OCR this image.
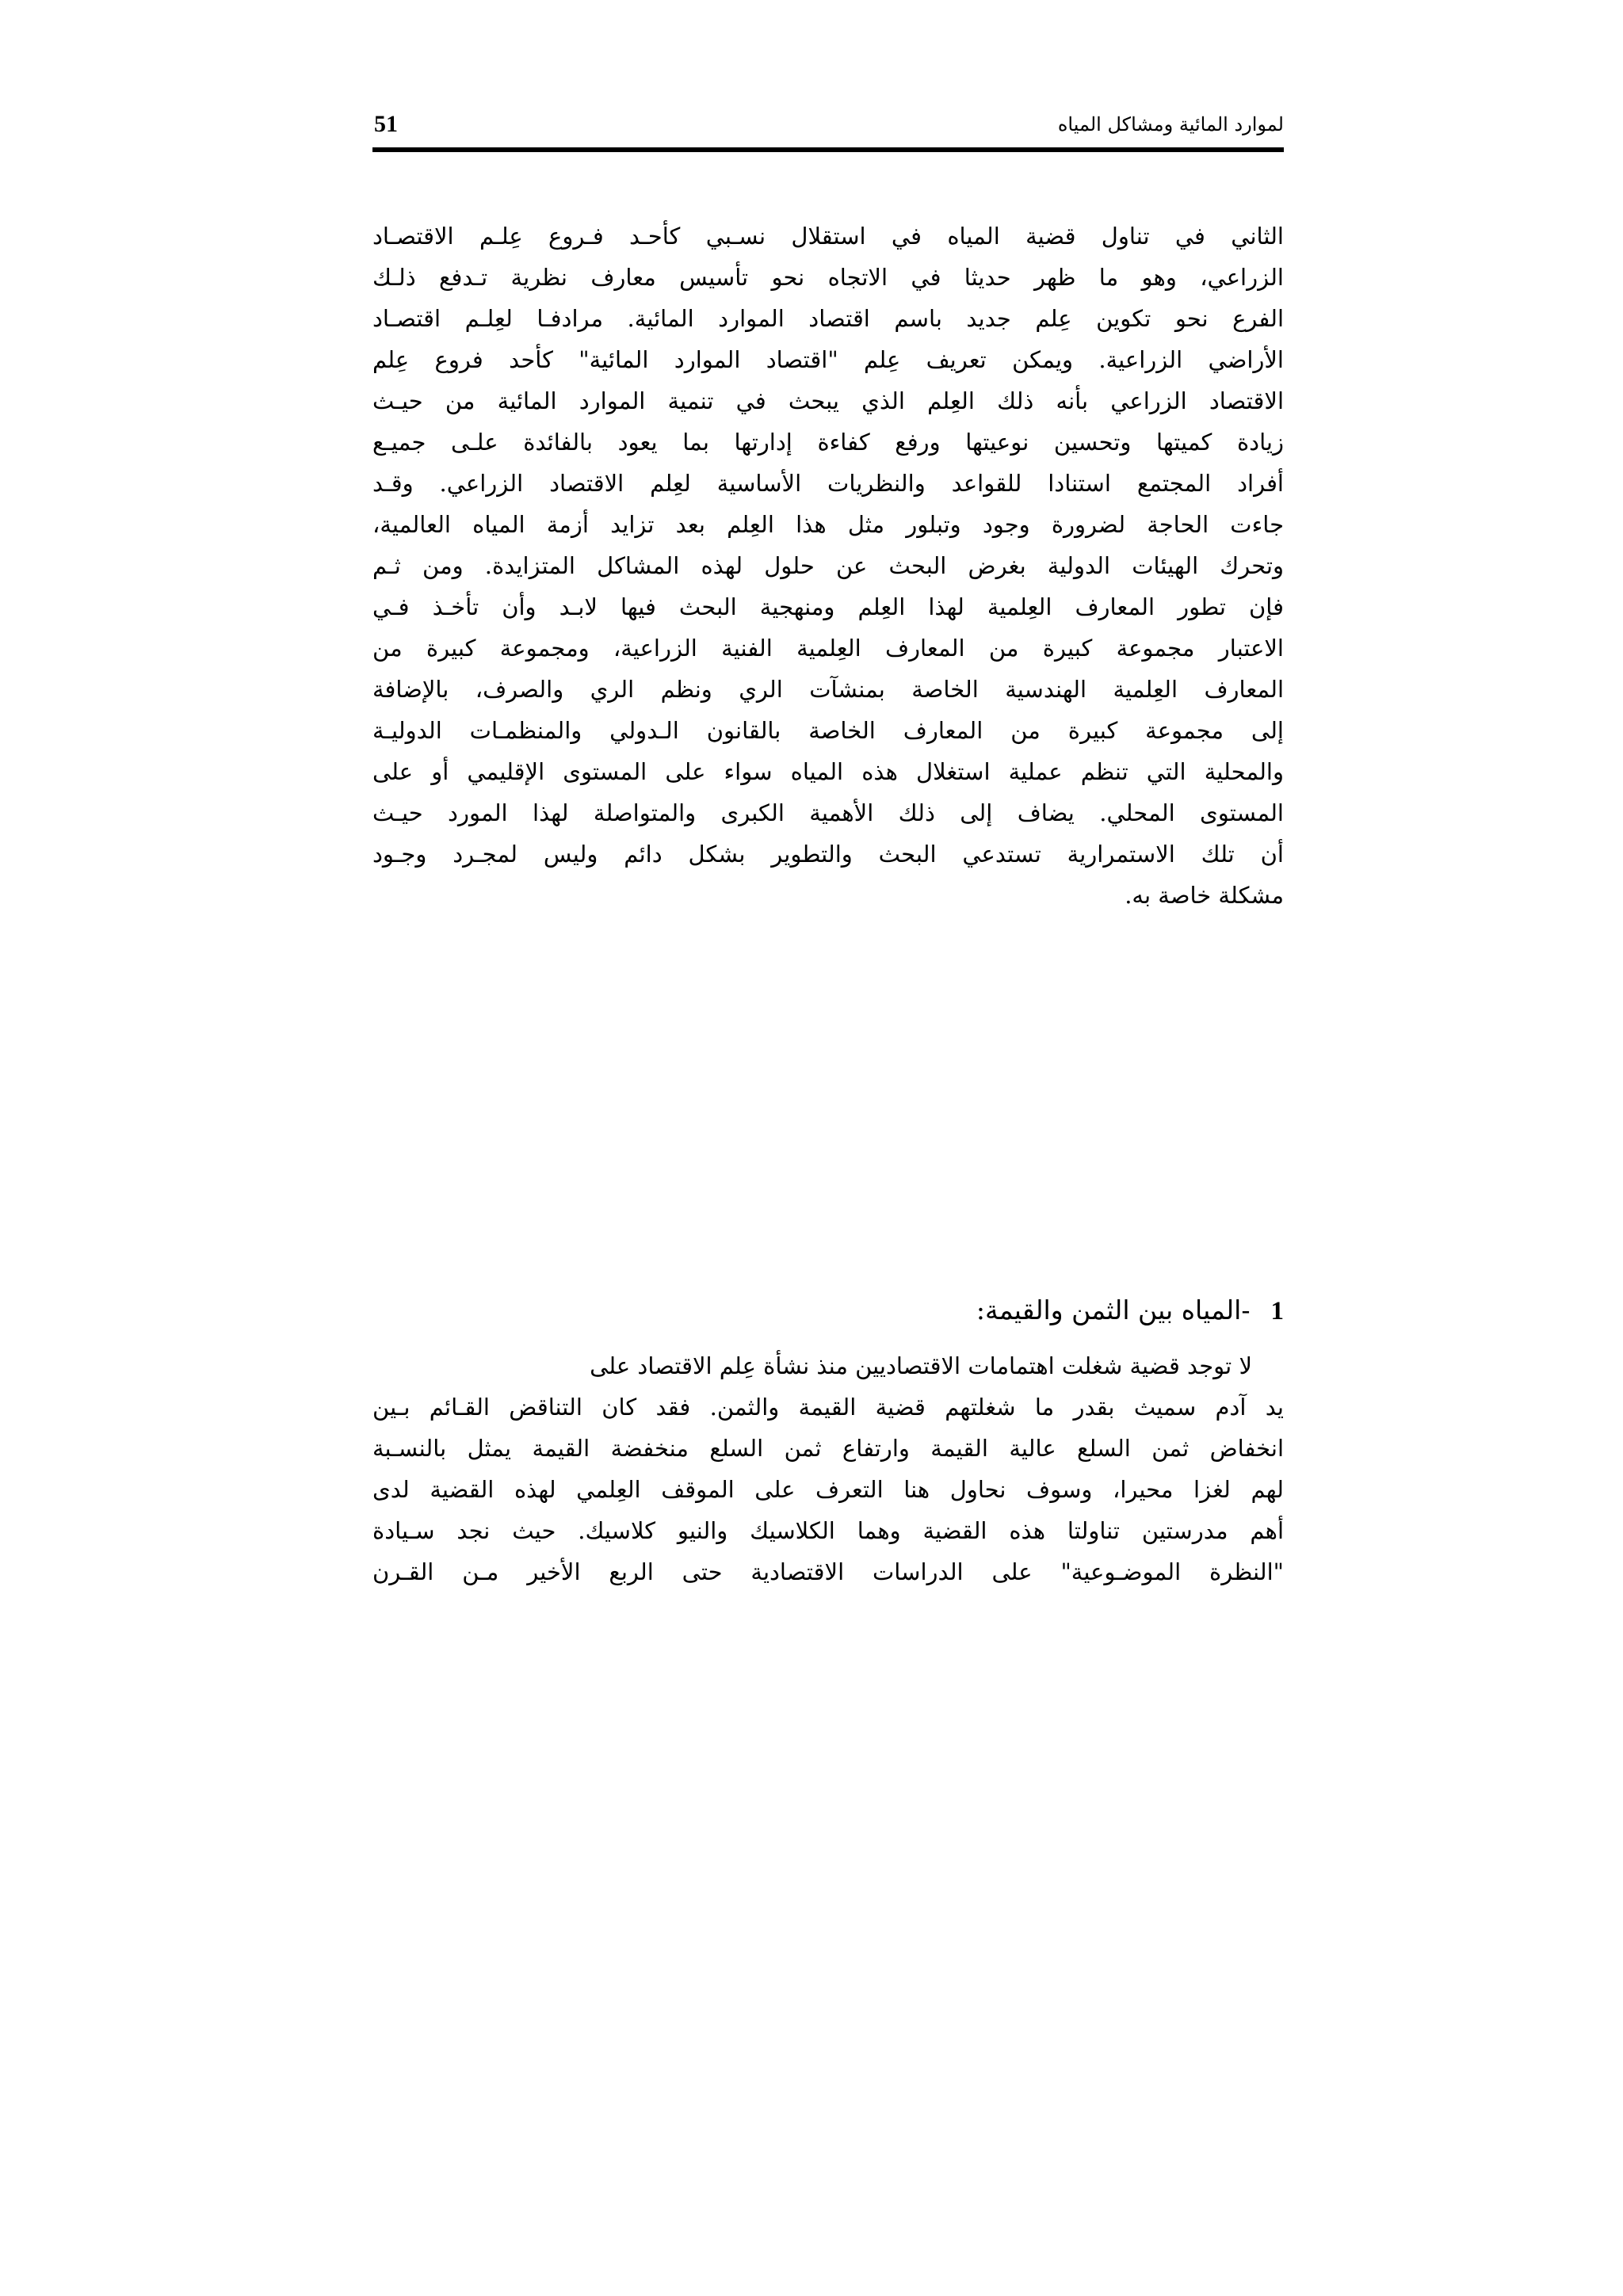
لموارد المائية ومشاكل المياه
51
الثاني في تناول قضية المياه في استقلال نسـبي كأحـد فـروع عِلـم الاقتصـاد
الزراعي، وهو ما ظهر حديثا في الاتجاه نحو تأسيس معارف نظرية تـدفع ذلـك
الفرع نحو تكوين عِلم جديد باسم اقتصاد الموارد المائية. مرادفـا لعِلـم اقتصـاد
الأراضي الزراعية. ويمكن تعريف عِلم "اقتصاد الموارد المائية" كأحد فروع عِلم
الاقتصاد الزراعي بأنه ذلك العِلم الذي يبحث في تنمية الموارد المائية من حيـث
زيادة كميتها وتحسين نوعيتها ورفع كفاءة إدارتها بما يعود بالفائدة علـى جميـع
أفراد المجتمع استنادا للقواعد والنظريات الأساسية لعِلم الاقتصاد الزراعي. وقـد
جاءت الحاجة لضرورة وجود وتبلور مثل هذا العِلم بعد تزايد أزمة المياه العالمية،
وتحرك الهيئات الدولية بغرض البحث عن حلول لهذه المشاكل المتزايدة. ومن ثـم
فإن تطور المعارف العِلمية لهذا العِلم ومنهجية البحث فيها لابـد وأن تأخـذ فـي
الاعتبار مجموعة كبيرة من المعارف العِلمية الفنية الزراعية، ومجموعة كبيرة من
المعارف العِلمية الهندسية الخاصة بمنشآت الري ونظم الري والصرف، بالإضافة
إلى مجموعة كبيرة من المعارف الخاصة بالقانون الـدولي والمنظمـات الدوليـة
والمحلية التي تنظم عملية استغلال هذه المياه سواء على المستوى الإقليمي أو على
المستوى المحلي. يضاف إلى ذلك الأهمية الكبرى والمتواصلة لهذا المورد حيـث
أن تلك الاستمرارية تستدعي البحث والتطوير بشكل دائم وليس لمجـرد وجـود
مشكلة خاصة به.
1-المياه بين الثمن والقيمة:
لا توجد قضية شغلت اهتمامات الاقتصاديين منذ نشأة عِلم الاقتصاد على
يد آدم سميث بقدر ما شغلتهم قضية القيمة والثمن. فقد كان التناقض القـائم بـين
انخفاض ثمن السلع عالية القيمة وارتفاع ثمن السلع منخفضة القيمة يمثل بالنسـبة
لهم لغزا محيرا، وسوف نحاول هنا التعرف على الموقف العِلمي لهذه القضية لدى
أهم مدرستين تناولتا هذه القضية وهما الكلاسيك والنيو كلاسيك. حيث نجد سـيادة
"النظرة الموضـوعية" على الدراسات الاقتصادية حتى الربع الأخير مـن القـرن
